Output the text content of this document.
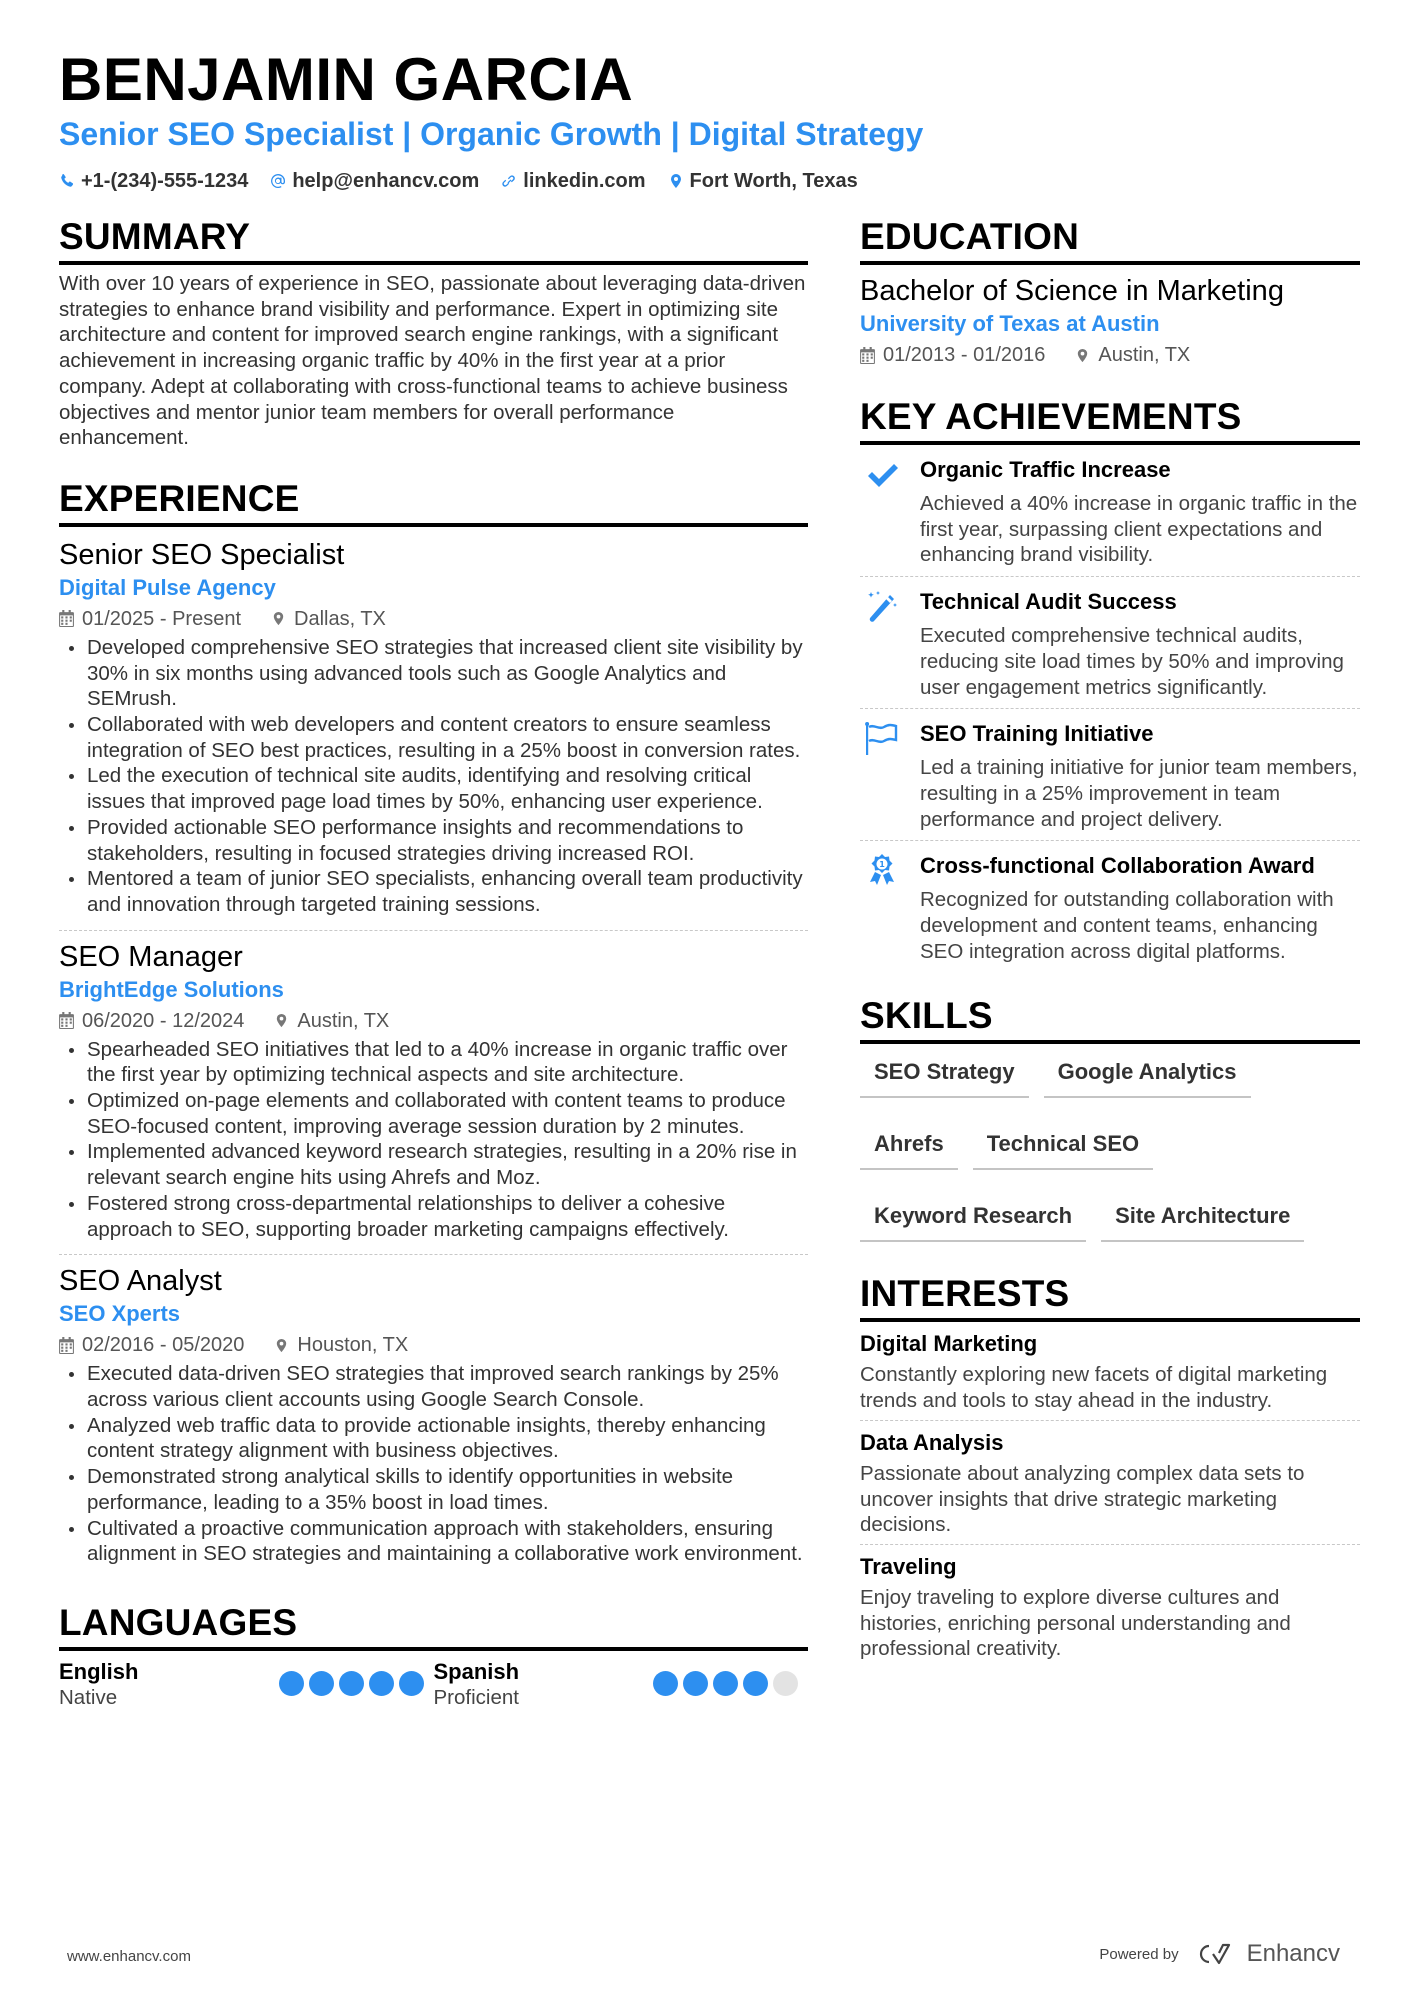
BENJAMIN GARCIA
Senior SEO Specialist | Organic Growth | Digital Strategy
+1-(234)-555-1234 help@enhancv.com linkedin.com Fort Worth, Texas
SUMMARY

With over 10 years of experience in SEO, passionate about leveraging data-driven strategies to enhance brand visibility and performance. Expert in optimizing site architecture and content for improved search engine rankings, with a significant achievement in increasing organic traffic by 40% in the first year at a prior company. Adept at collaborating with cross-functional teams to achieve business objectives and mentor junior team members for overall performance enhancement.

EXPERIENCE
Senior SEO Specialist
Digital Pulse Agency
01/2025 - Present	Dallas, TX
Developed comprehensive SEO strategies that increased client site visibility by 30% in six months using advanced tools such as Google Analytics and SEMrush.
Collaborated with web developers and content creators to ensure seamless integration of SEO best practices, resulting in a 25% boost in conversion rates.
Led the execution of technical site audits, identifying and resolving critical issues that improved page load times by 50%, enhancing user experience.
Provided actionable SEO performance insights and recommendations to stakeholders, resulting in focused strategies driving increased ROI.
Mentored a team of junior SEO specialists, enhancing overall team productivity and innovation through targeted training sessions.
SEO Manager
BrightEdge Solutions
06/2020 - 12/2024	Austin, TX
Spearheaded SEO initiatives that led to a 40% increase in organic traffic over the first year by optimizing technical aspects and site architecture.
Optimized on-page elements and collaborated with content teams to produce SEO-focused content, improving average session duration by 2 minutes.
Implemented advanced keyword research strategies, resulting in a 20% rise in relevant search engine hits using Ahrefs and Moz.
Fostered strong cross-departmental relationships to deliver a cohesive approach to SEO, supporting broader marketing campaigns effectively.
SEO Analyst
SEO Xperts
02/2016 - 05/2020	Houston, TX
Executed data-driven SEO strategies that improved search rankings by 25% across various client accounts using Google Search Console.
Analyzed web traffic data to provide actionable insights, thereby enhancing content strategy alignment with business objectives.
Demonstrated strong analytical skills to identify opportunities in website performance, leading to a 35% boost in load times.
Cultivated a proactive communication approach with stakeholders, ensuring alignment in SEO strategies and maintaining a collaborative work environment.
LANGUAGES
English
Native
Spanish
Proficient
EDUCATION
Bachelor of Science in Marketing
University of Texas at Austin
01/2013 - 01/2016	Austin, TX
KEY ACHIEVEMENTS
Organic Traffic Increase
Achieved a 40% increase in organic traffic in the first year, surpassing client expectations and enhancing brand visibility.
Technical Audit Success
Executed comprehensive technical audits, reducing site load times by 50% and improving user engagement metrics significantly.
SEO Training Initiative
Led a training initiative for junior team members, resulting in a 25% improvement in team performance and project delivery.
1 Cross-functional Collaboration Award
Recognized for outstanding collaboration with development and content teams, enhancing SEO integration across digital platforms.
SKILLS
SEO Strategy	Google Analytics
Ahrefs	Technical SEO
Keyword Research	Site Architecture
INTERESTS
Digital Marketing
Constantly exploring new facets of digital marketing trends and tools to stay ahead in the industry.
Data Analysis
Passionate about analyzing complex data sets to uncover insights that drive strategic marketing decisions.
Traveling
Enjoy traveling to explore diverse cultures and histories, enriching personal understanding and professional creativity.
www.enhancv.com	Powered by	Enhancv
